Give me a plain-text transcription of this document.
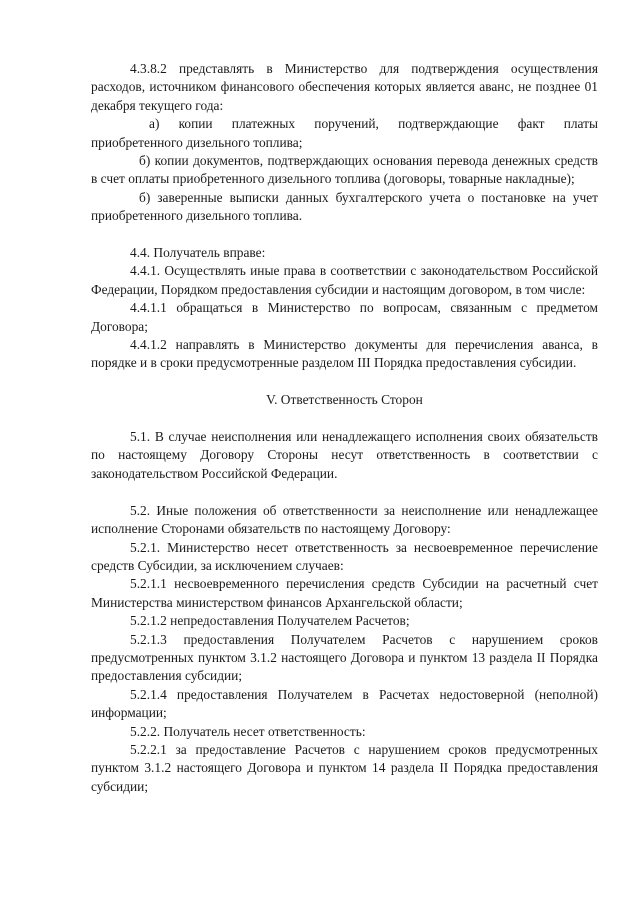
4.3.8.2 представлять в Министерство для подтверждения осуществления расходов, источником финансового обеспечения которых является аванс, не позднее 01 декабря текущего года:

а) копии платежных поручений, подтверждающие факт платы приобретенного дизельного топлива;

б) копии документов, подтверждающих основания перевода денежных средств в счет оплаты приобретенного дизельного топлива (договоры, товарные накладные);

б) заверенные выписки данных бухгалтерского учета о постановке на учет приобретенного дизельного топлива.

4.4. Получатель вправе:

4.4.1. Осуществлять иные права в соответствии с законодательством Российской Федерации, Порядком предоставления субсидии и настоящим договором, в том числе:

4.4.1.1 обращаться в Министерство по вопросам, связанным с предметом Договора;

4.4.1.2 направлять в Министерство документы для перечисления аванса, в порядке и в сроки предусмотренные разделом III Порядка предоставления субсидии.

V. Ответственность Сторон

5.1. В случае неисполнения или ненадлежащего исполнения своих обязательств по настоящему Договору Стороны несут ответственность в соответствии с законодательством Российской Федерации.

5.2. Иные положения об ответственности за неисполнение или ненадлежащее исполнение Сторонами обязательств по настоящему Договору:

5.2.1. Министерство несет ответственность за несвоевременное перечисление средств Субсидии, за исключением случаев:

5.2.1.1 несвоевременного перечисления средств Субсидии на расчетный счет Министерства министерством финансов Архангельской области;

5.2.1.2 непредоставления Получателем Расчетов;

5.2.1.3 предоставления Получателем Расчетов с нарушением сроков предусмотренных пунктом 3.1.2 настоящего Договора и пунктом 13 раздела II Порядка предоставления субсидии;

5.2.1.4 предоставления Получателем в Расчетах недостоверной (неполной) информации;

5.2.2. Получатель несет ответственность:

5.2.2.1 за предоставление Расчетов с нарушением сроков предусмотренных пунктом 3.1.2 настоящего Договора и пунктом 14 раздела II Порядка предоставления субсидии;
